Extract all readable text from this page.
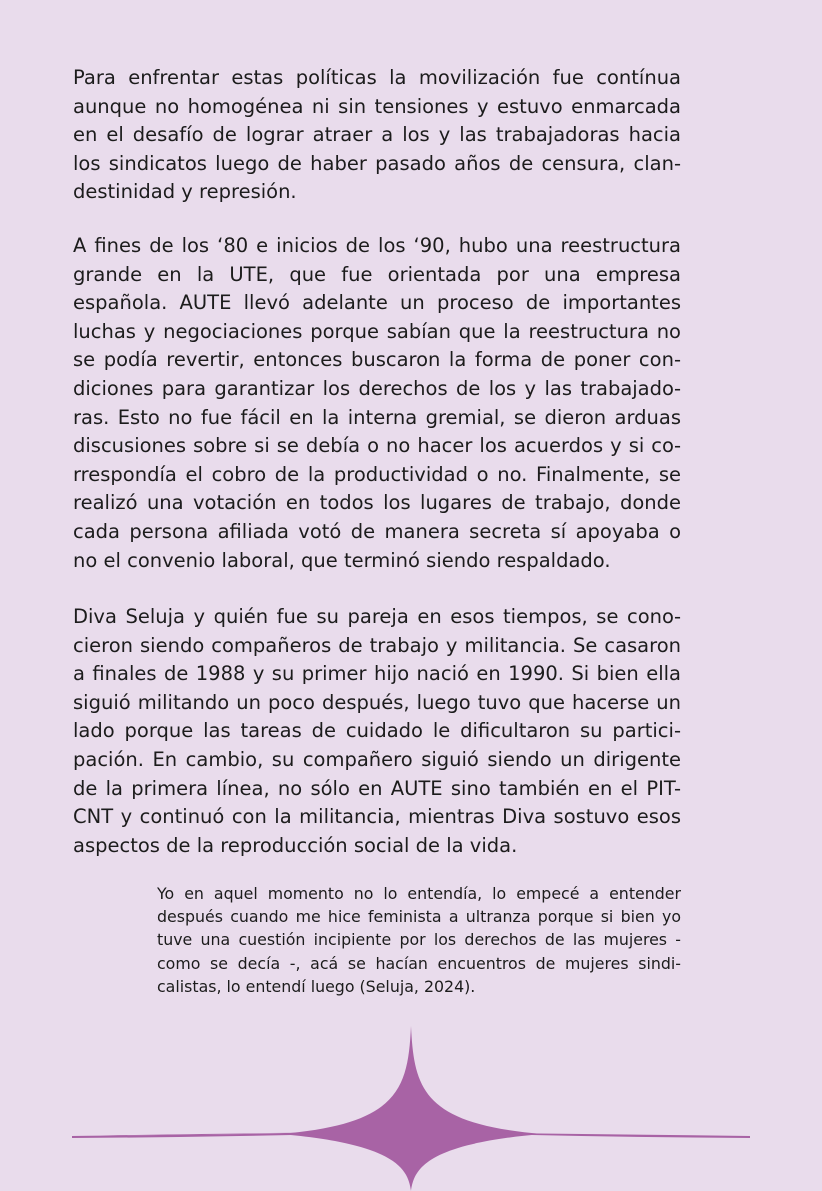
Para enfrentar estas políticas la movilización fue contínua aunque no homogénea ni sin tensiones y estuvo enmarcada en el desafío de lograr atraer a los y las trabajadoras hacia los sindicatos luego de haber pasado años de censura, clandestinidad y represión.

A fines de los ‘80 e inicios de los ‘90, hubo una reestructura grande en la UTE, que fue orientada por una empresa española. AUTE llevó adelante un proceso de importantes luchas y negociaciones porque sabían que la reestructura no se podía revertir, entonces buscaron la forma de poner condiciones para garantizar los derechos de los y las trabajadoras. Esto no fue fácil en la interna gremial, se dieron arduas discusiones sobre si se debía o no hacer los acuerdos y si correspondía el cobro de la productividad o no. Finalmente, se realizó una votación en todos los lugares de trabajo, donde cada persona afiliada votó de manera secreta sí apoyaba o no el convenio laboral, que terminó siendo respaldado.

Diva Seluja y quién fue su pareja en esos tiempos, se conocieron siendo compañeros de trabajo y militancia. Se casaron a finales de 1988 y su primer hijo nació en 1990. Si bien ella siguió militando un poco después, luego tuvo que hacerse un lado porque las tareas de cuidado le dificultaron su participación. En cambio, su compañero siguió siendo un dirigente de la primera línea, no sólo en AUTE sino también en el PIT-CNT y continuó con la militancia, mientras Diva sostuvo esos aspectos de la reproducción social de la vida.

Yo en aquel momento no lo entendía, lo empecé a entender después cuando me hice feminista a ultranza porque si bien yo tuve una cuestión incipiente por los derechos de las mujeres - como se decía -, acá se hacían encuentros de mujeres sindicalistas, lo entendí luego (Seluja, 2024).
